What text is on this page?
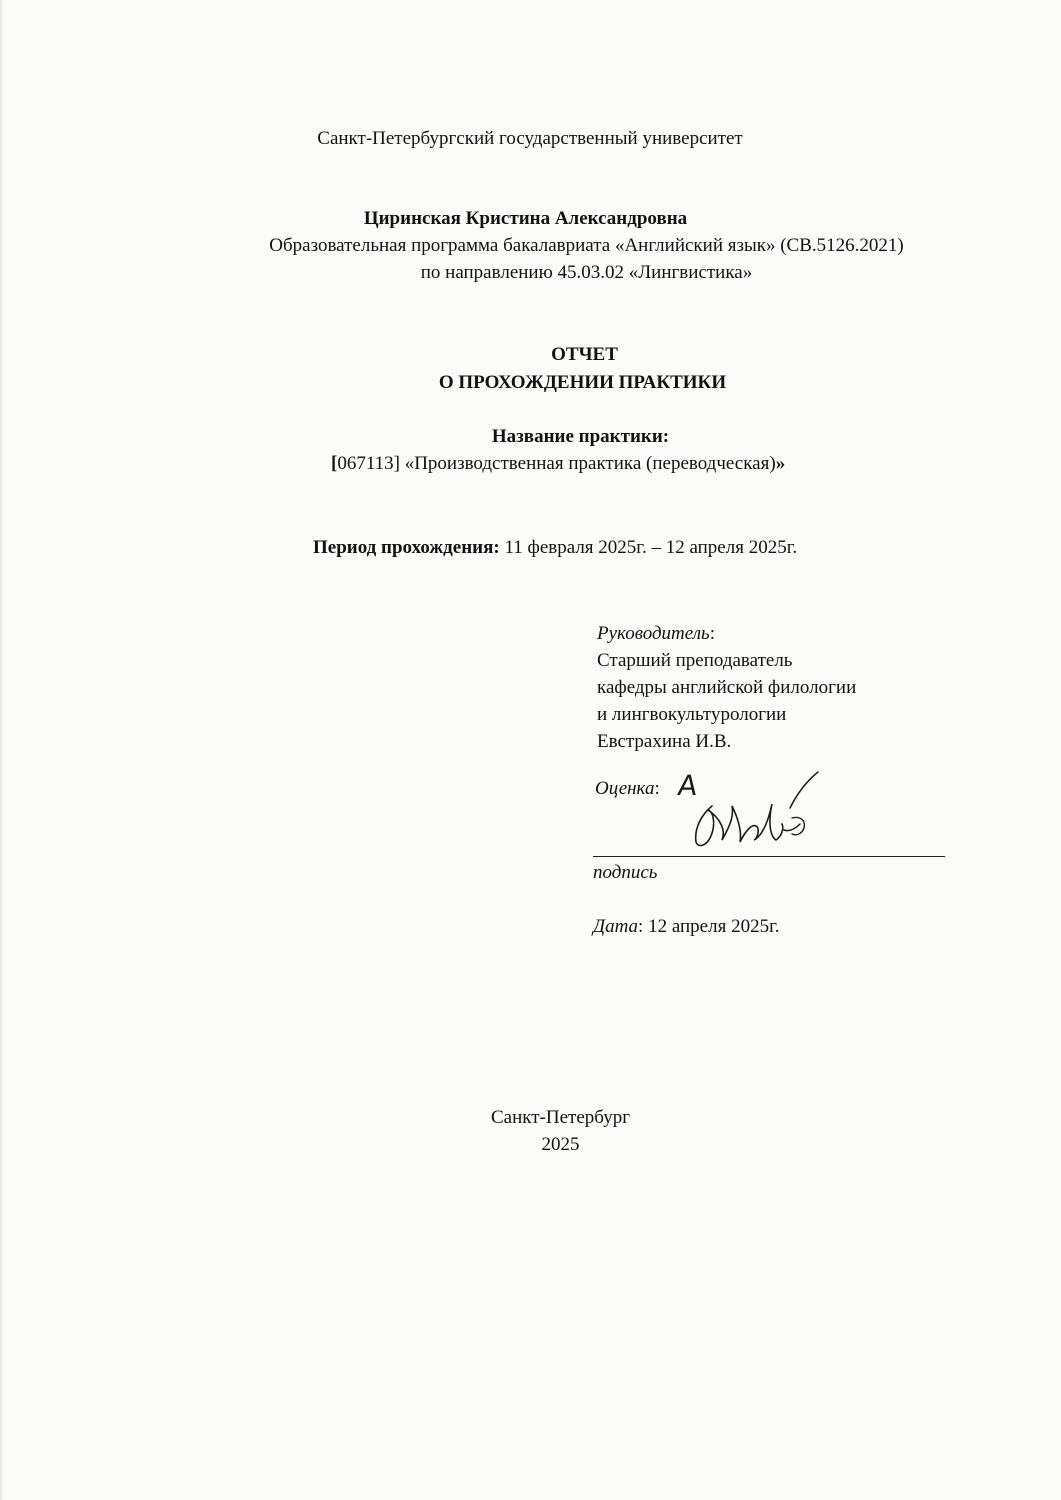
Санкт-Петербургский государственный университет
Циринская Кристина Александровна
Образовательная программа бакалавриата «Английский язык» (СВ.5126.2021)
по направлению 45.03.02 «Лингвистика»
ОТЧЕТ
О ПРОХОЖДЕНИИ ПРАКТИКИ
Название практики:
[067113] «Производственная практика (переводческая)»
Период прохождения: 11 февраля 2025г. – 12 апреля 2025г.
Руководитель:
Старший преподаватель
кафедры английской филологии
и лингвокультурологии
Евстрахина И.В.
Оценка: A
подпись
Дата: 12 апреля 2025г.
Санкт-Петербург
2025
